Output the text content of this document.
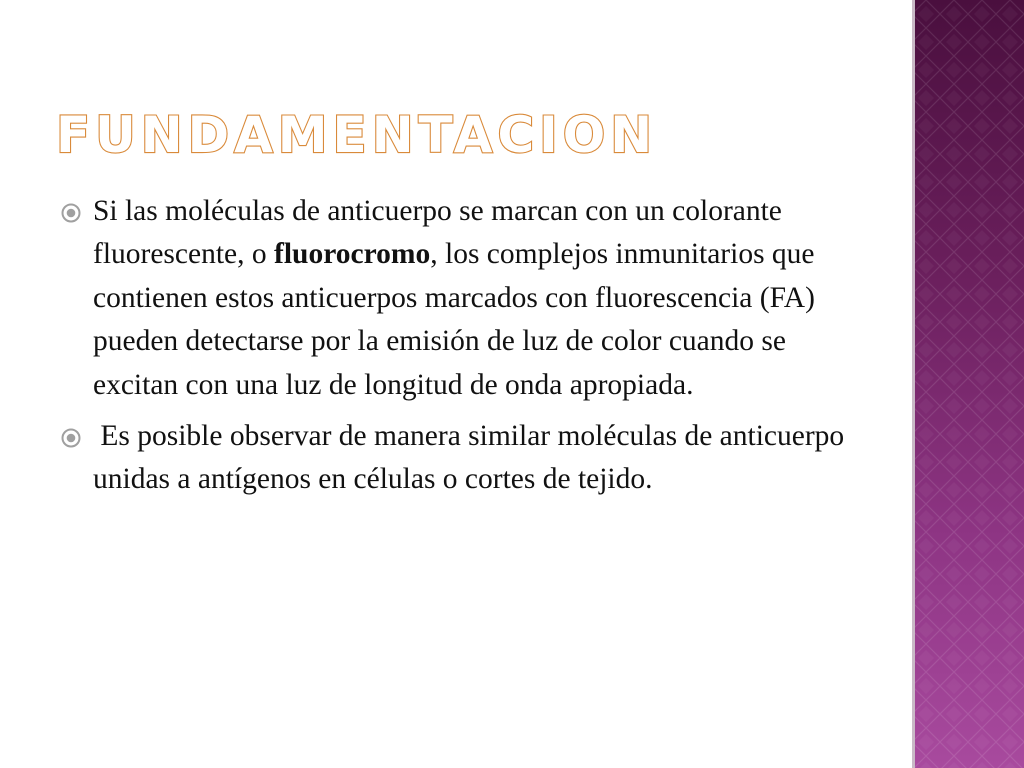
FUNDAMENTACION
Si las moléculas de anticuerpo se marcan con un colorante fluorescente, o fluorocromo, los complejos inmunitarios que contienen estos anticuerpos marcados con fluorescencia (FA) pueden detectarse por la emisión de luz de color cuando se excitan con una luz de longitud de onda apropiada.
Es posible observar de manera similar moléculas de anticuerpo unidas a antígenos en células o cortes de tejido.
